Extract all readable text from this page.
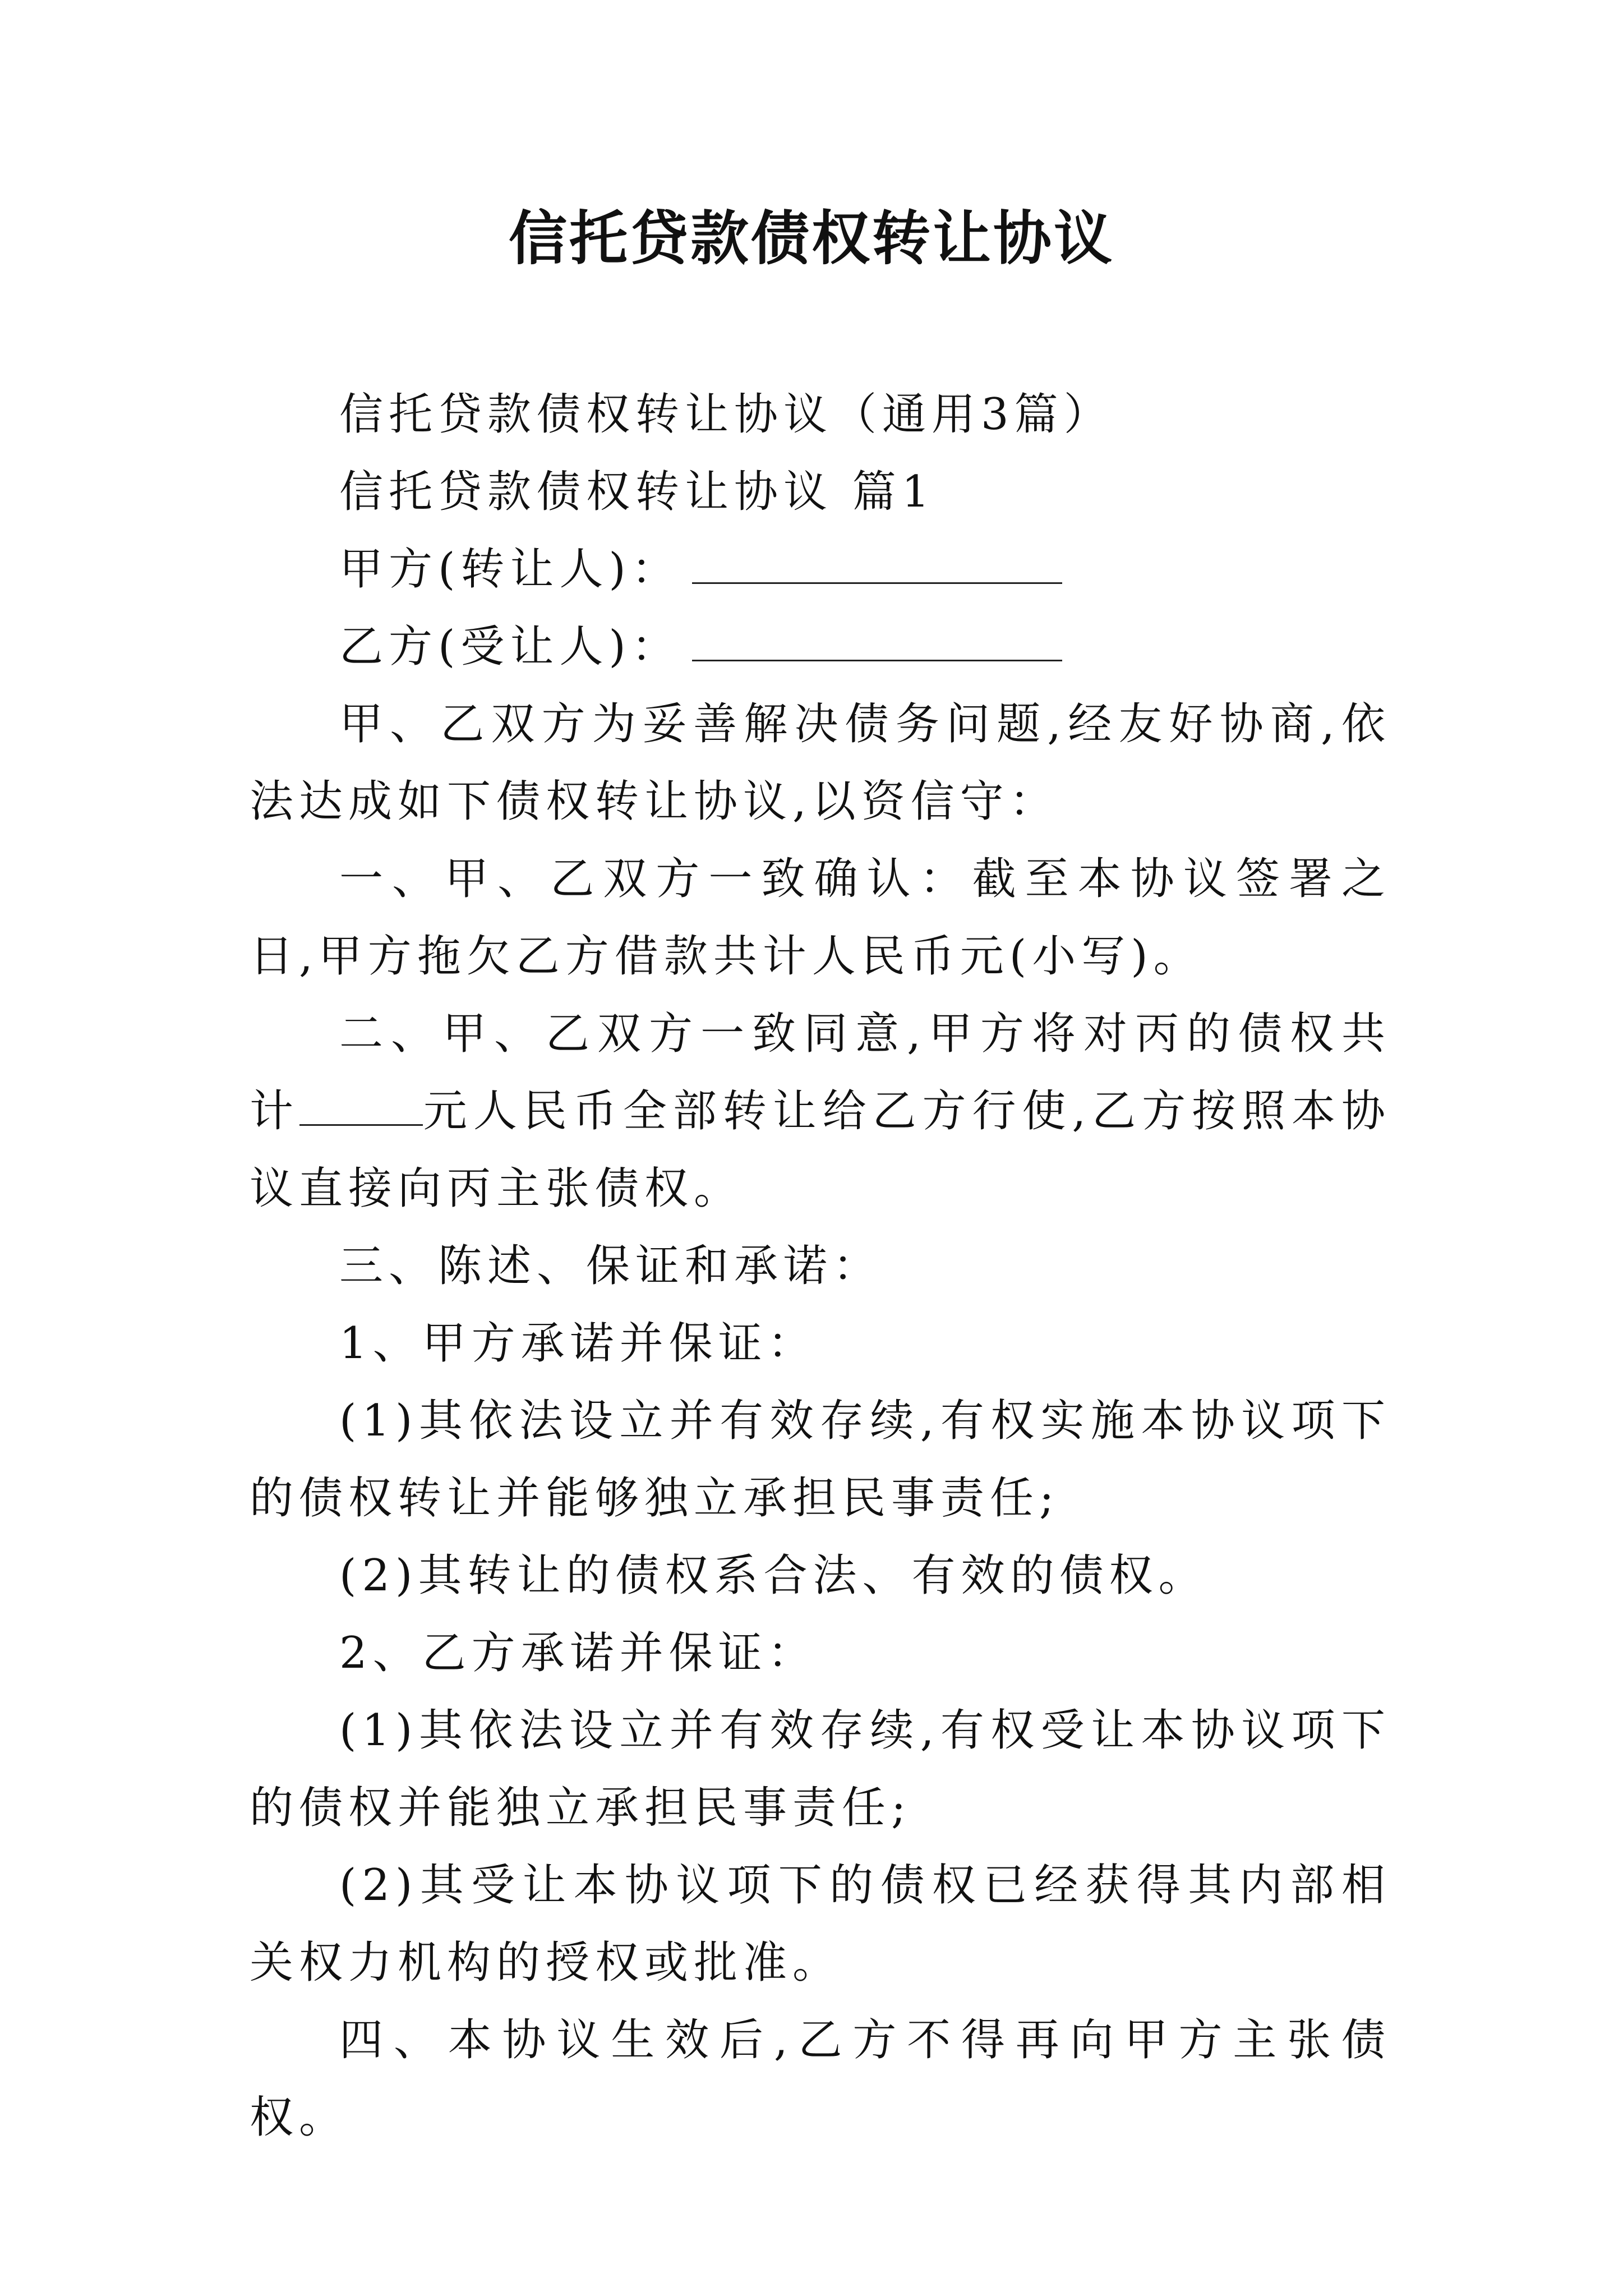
信托贷款债权转让协议

信托贷款债权转让协议（通用3篇）

信托贷款债权转让协议 篇1

甲方(转让人)：

乙方(受让人)：

甲、乙双方为妥善解决债务问题,经友好协商,依法达成如下债权转让协议,以资信守：

一、甲、乙双方一致确认：截至本协议签署之日,甲方拖欠乙方借款共计人民币元(小写)。

二、甲、乙双方一致同意,甲方将对丙的债权共计	元人民币全部转让给乙方行使,乙方按照本协议直接向丙主张债权。

三、陈述、保证和承诺：

1、甲方承诺并保证：

(1)其依法设立并有效存续,有权实施本协议项下的债权转让并能够独立承担民事责任;

(2)其转让的债权系合法、有效的债权。

2、乙方承诺并保证：

(1)其依法设立并有效存续,有权受让本协议项下的债权并能独立承担民事责任;

(2)其受让本协议项下的债权已经获得其内部相关权力机构的授权或批准。

四、本协议生效后,乙方不得再向甲方主张债权。
